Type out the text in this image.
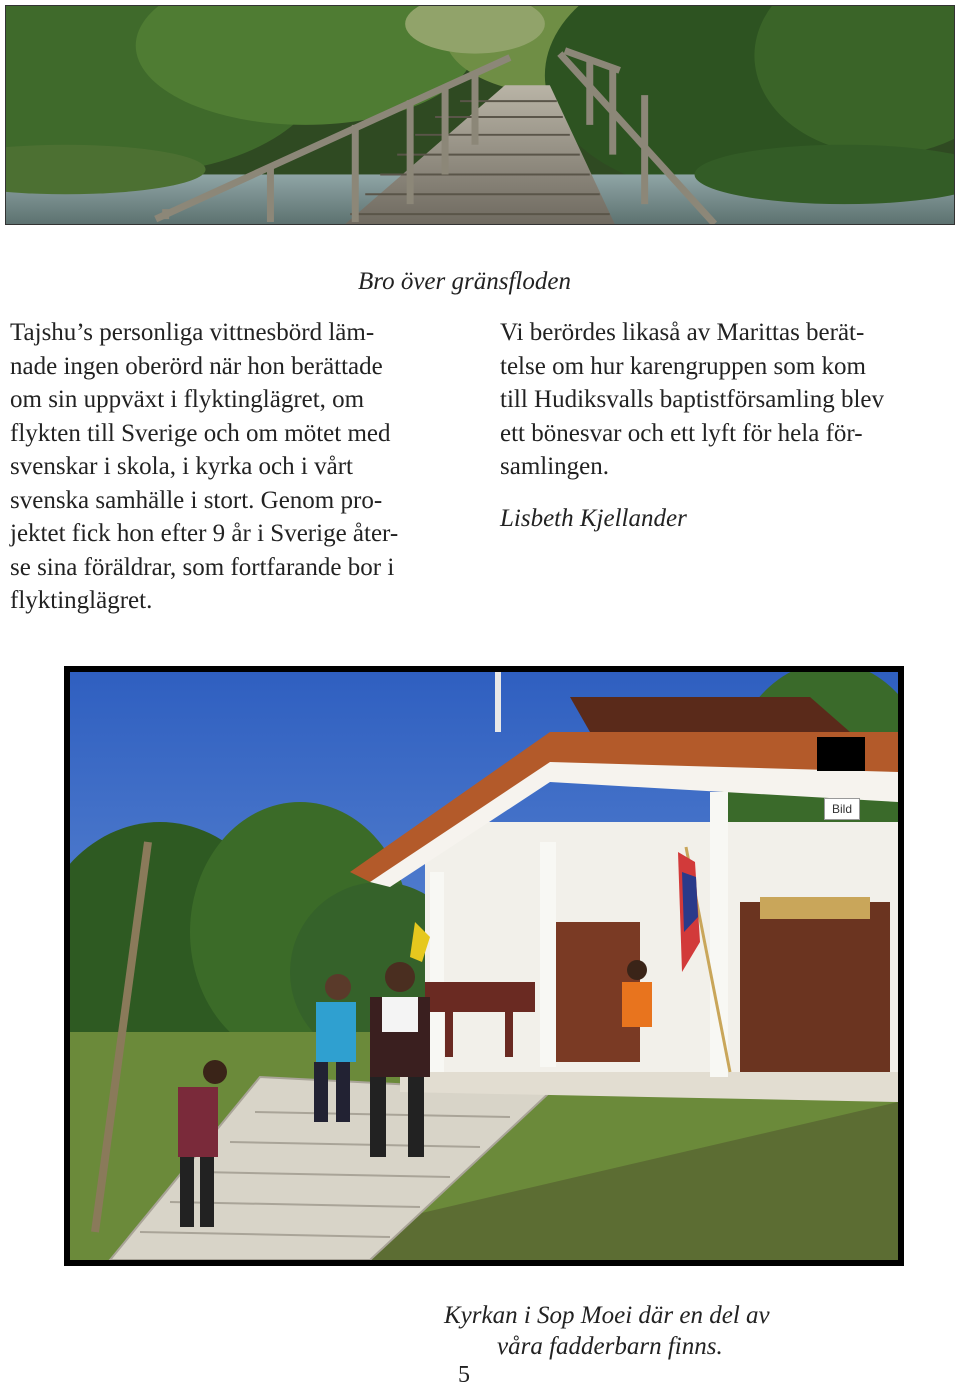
Bro över gränsfloden
Tajshu’s personliga vittnesbörd läm-
nade ingen oberörd när hon berättade
om sin uppväxt i flyktinglägret, om
flykten till Sverige och om mötet med
svenskar i skola, i kyrka och i vårt
svenska samhälle i stort. Genom pro-
jektet fick hon efter 9 år i Sverige åter-
se sina föräldrar, som fortfarande bor i
flyktinglägret.
Vi berördes likaså av Marittas berät-
telse om hur karengruppen som kom
till Hudiksvalls baptistförsamling blev
ett bönesvar och ett lyft för hela för-
samlingen.
Lisbeth Kjellander
Bild
Kyrkan i Sop Moei där en del av
våra fadderbarn finns.
5
